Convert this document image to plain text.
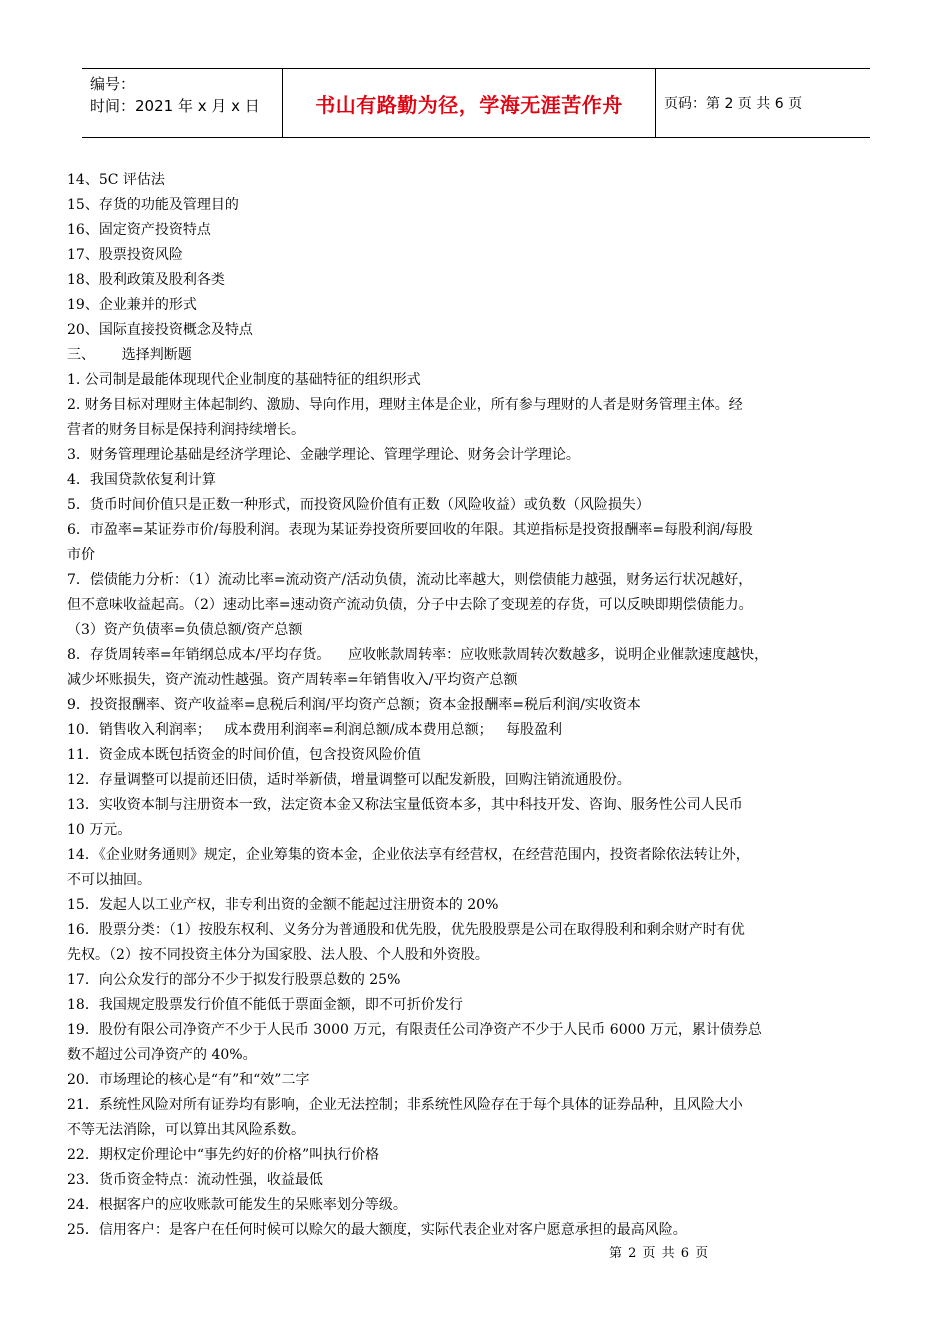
编号：
时间：2021 年 x 月 x 日	书山有路勤为径，学海无涯苦作舟	页码：第 2 页 共 6 页

14、5C 评估法

15、存货的功能及管理目的

16、固定资产投资特点

17、股票投资风险

18、股利政策及股利各类

19、企业兼并的形式

20、国际直接投资概念及特点

三、      选择判断题

1. 公司制是最能体现现代企业制度的基础特征的组织形式

2. 财务目标对理财主体起制约、激励、导向作用，理财主体是企业，所有参与理财的人者是财务管理主体。经

营者的财务目标是保持利润持续增长。

3．财务管理理论基础是经济学理论、金融学理论、管理学理论、财务会计学理论。

4．我国贷款依复利计算

5．货币时间价值只是正数一种形式，而投资风险价值有正数（风险收益）或负数（风险损失）

6．市盈率=某证券市价/每股利润。表现为某证券投资所要回收的年限。其逆指标是投资报酬率=每股利润/每股

市价

7．偿债能力分析：（1）流动比率=流动资产/活动负债，流动比率越大，则偿债能力越强，财务运行状况越好，

但不意味收益起高。（2）速动比率=速动资产流动负债，分子中去除了变现差的存货，可以反映即期偿债能力。

（3）资产负债率=负债总额/资产总额

8．存货周转率=年销纲总成本/平均存货。    应收帐款周转率：应收账款周转次数越多，说明企业催款速度越快，

减少坏账损失，资产流动性越强。资产周转率=年销售收入/平均资产总额

9．投资报酬率、资产收益率=息税后利润/平均资产总额；资本金报酬率=税后利润/实收资本

10．销售收入利润率；   成本费用利润率=利润总额/成本费用总额；   每股盈利

11．资金成本既包括资金的时间价值，包含投资风险价值

12．存量调整可以提前还旧债，适时举新债，增量调整可以配发新股，回购注销流通股份。

13．实收资本制与注册资本一致，法定资本金又称法宝量低资本多，其中科技开发、咨询、服务性公司人民币

10 万元。

14．《企业财务通则》规定，企业筹集的资本金，企业依法享有经营权，在经营范围内，投资者除依法转让外，

不可以抽回。

15．发起人以工业产权，非专利出资的金额不能起过注册资本的 20%

16．股票分类：（1）按股东权利、义务分为普通股和优先股，优先股股票是公司在取得股利和剩余财产时有优

先权。（2）按不同投资主体分为国家股、法人股、个人股和外资股。

17．向公众发行的部分不少于拟发行股票总数的 25%

18．我国规定股票发行价值不能低于票面金额，即不可折价发行

19．股份有限公司净资产不少于人民币 3000 万元，有限责任公司净资产不少于人民币 6000 万元，累计债券总

数不超过公司净资产的 40%。

20．市场理论的核心是“有”和“效”二字

21．系统性风险对所有证券均有影响，企业无法控制；非系统性风险存在于每个具体的证券品种，且风险大小

不等无法消除，可以算出其风险系数。

22．期权定价理论中“事先约好的价格”叫执行价格

23．货币资金特点：流动性强，收益最低

24．根据客户的应收账款可能发生的呆账率划分等级。

25．信用客户：是客户在任何时候可以赊欠的最大额度，实际代表企业对客户愿意承担的最高风险。

第 2 页 共 6 页
